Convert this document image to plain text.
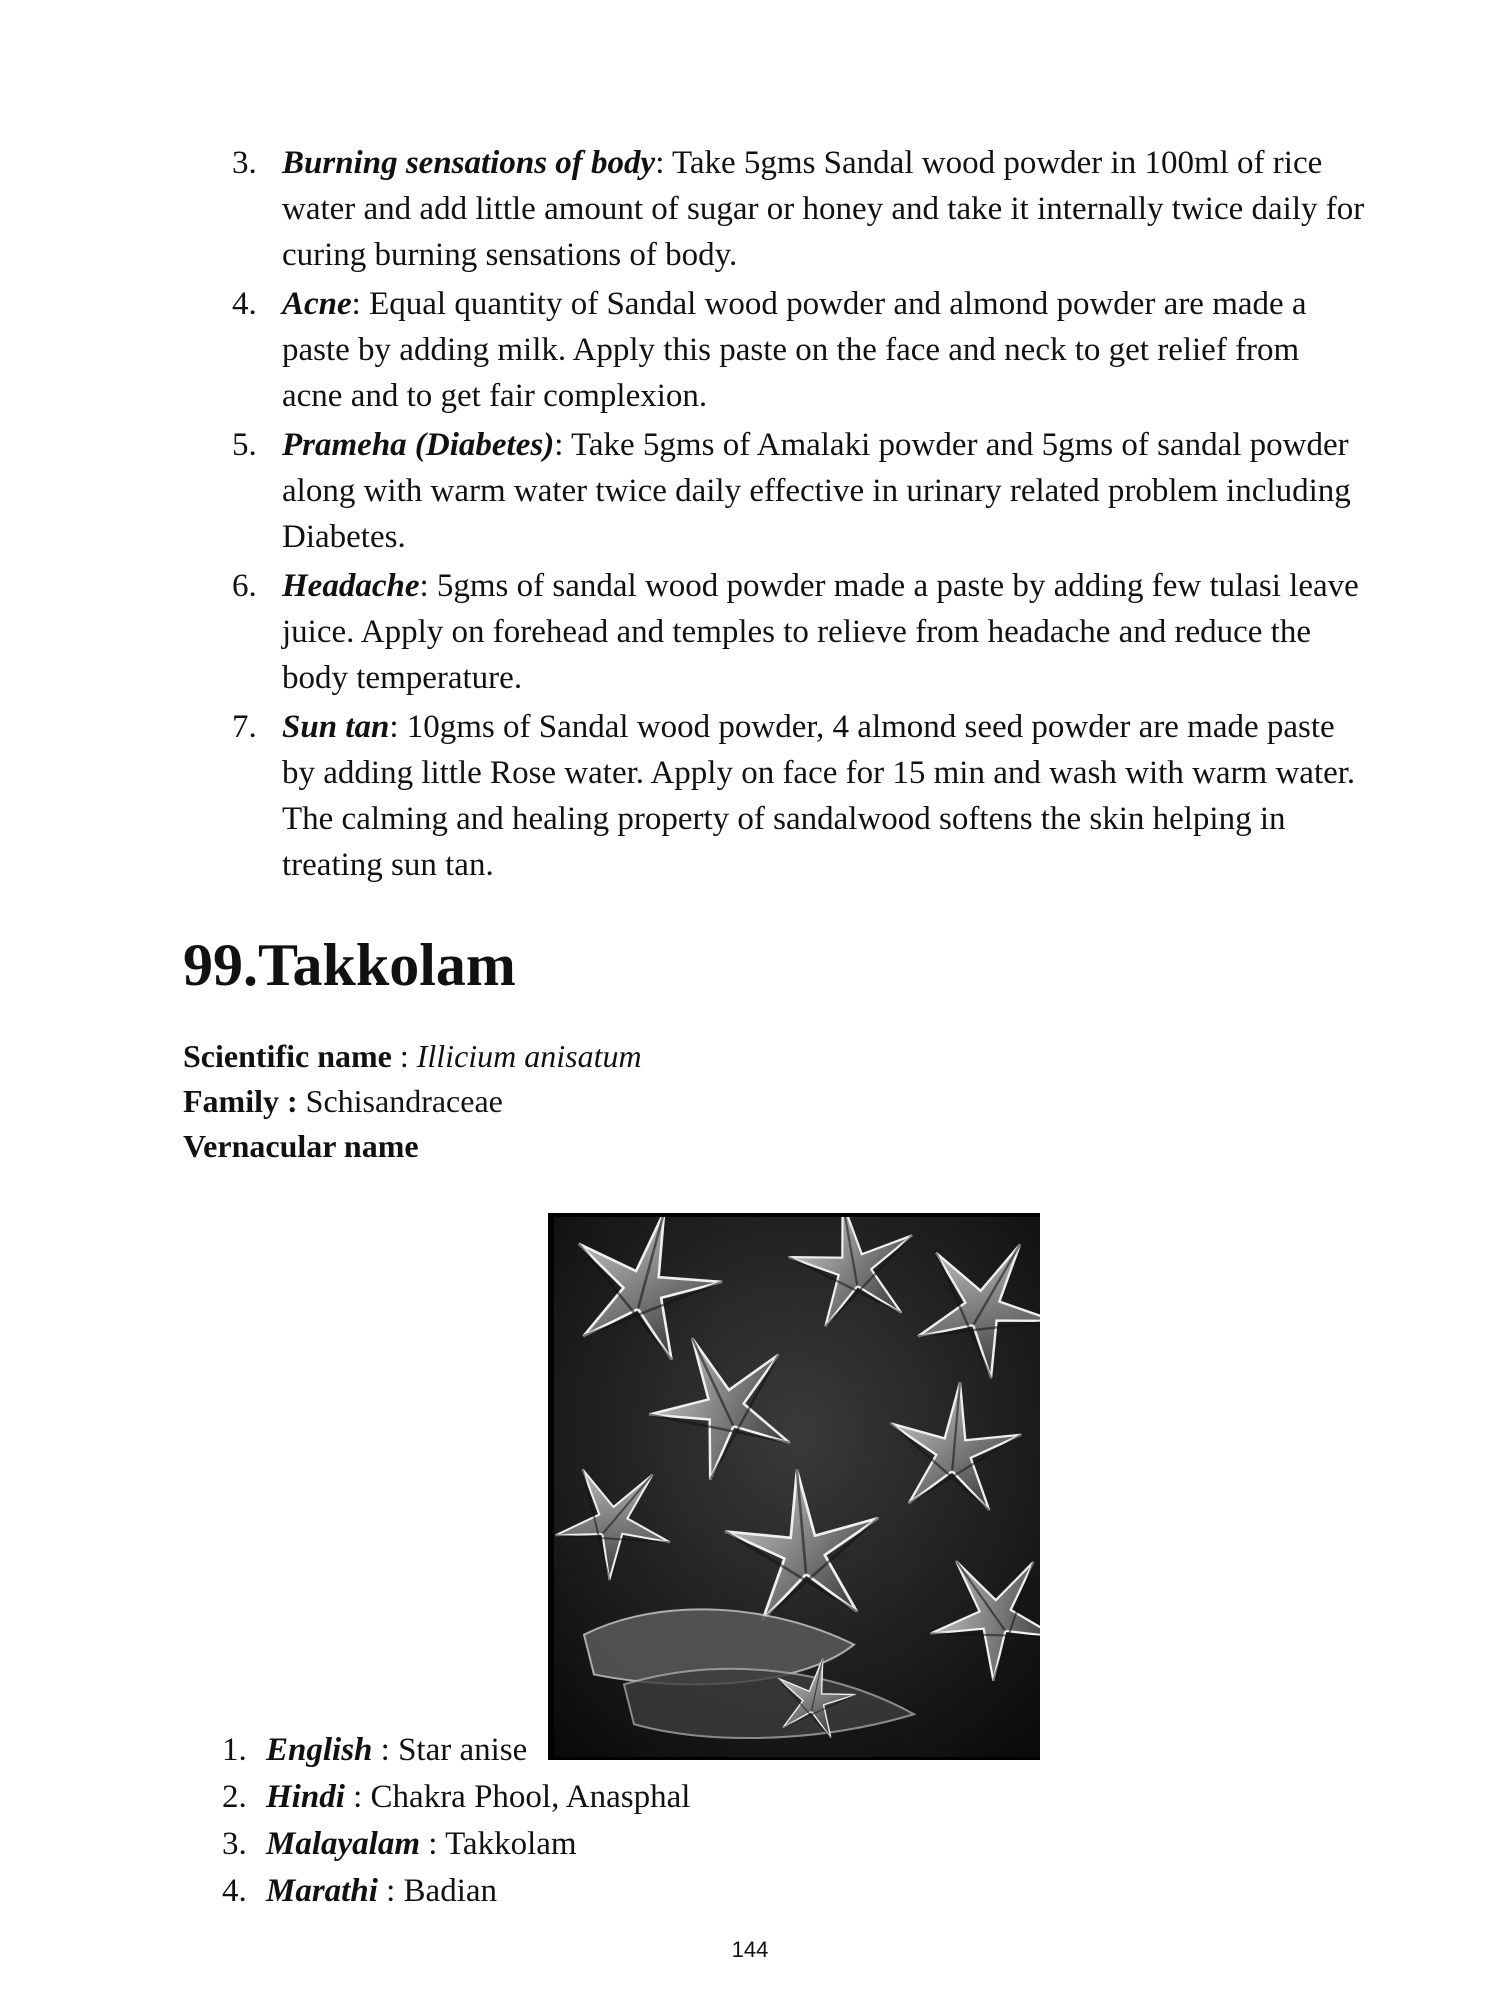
3. Burning sensations of body: Take 5gms Sandal wood powder in 100ml of rice water and add little amount of sugar or honey and take it internally twice daily for curing burning sensations of body.
4. Acne: Equal quantity of Sandal wood powder and almond powder are made a paste by adding milk. Apply this paste on the face and neck to get relief from acne and to get fair complexion.
5. Prameha (Diabetes): Take 5gms of Amalaki powder and 5gms of sandal powder along with warm water twice daily effective in urinary related problem including Diabetes.
6. Headache: 5gms of sandal wood powder made a paste by adding few tulasi leave juice. Apply on forehead and temples to relieve from headache and reduce the body temperature.
7. Sun tan: 10gms of Sandal wood powder, 4 almond seed powder are made paste by adding little Rose water. Apply on face for 15 min and wash with warm water. The calming and healing property of sandalwood softens the skin helping in treating sun tan.
99.Takkolam
Scientific name : Illicium anisatum
Family : Schisandraceae
Vernacular name
1. English : Star anise
2. Hindi : Chakra Phool, Anasphal
3. Malayalam : Takkolam
4. Marathi : Badian
144
